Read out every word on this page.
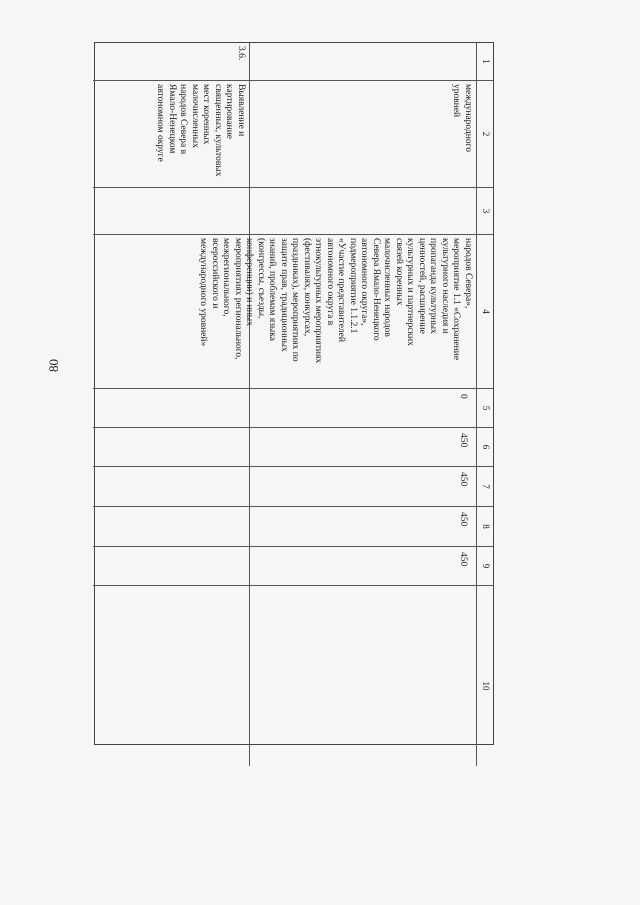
80
1
2
3
4
5
6
7
8
9
10
международного
уровней
народов Севера»,
мероприятие 1.1 «Сохранение
культурного наследия и
пропаганда культурных
ценностей, расширение
культурных и партнерских
связей коренных
малочисленных народов
Севера Ямало-Ненецкого
автономного округа»,
подмероприятие 1.1.2.1
«Участие представителей
автономного округа в
этнокультурных мероприятиях
(фестивалях, конкурсах,
праздниках), мероприятиях по
защите прав, традиционных
знаний, проблемам языка
(конгрессы, съезды,
конференции) и иных
мероприятиях регионального,
межрегионального,
всероссийского и
международного уровней»
0
450
450
450
450
3.6.
Выявление и
картирование
священных, культовых
мест коренных
малочисленных
народов Севера в
Ямало-Ненецком
автономном округе
